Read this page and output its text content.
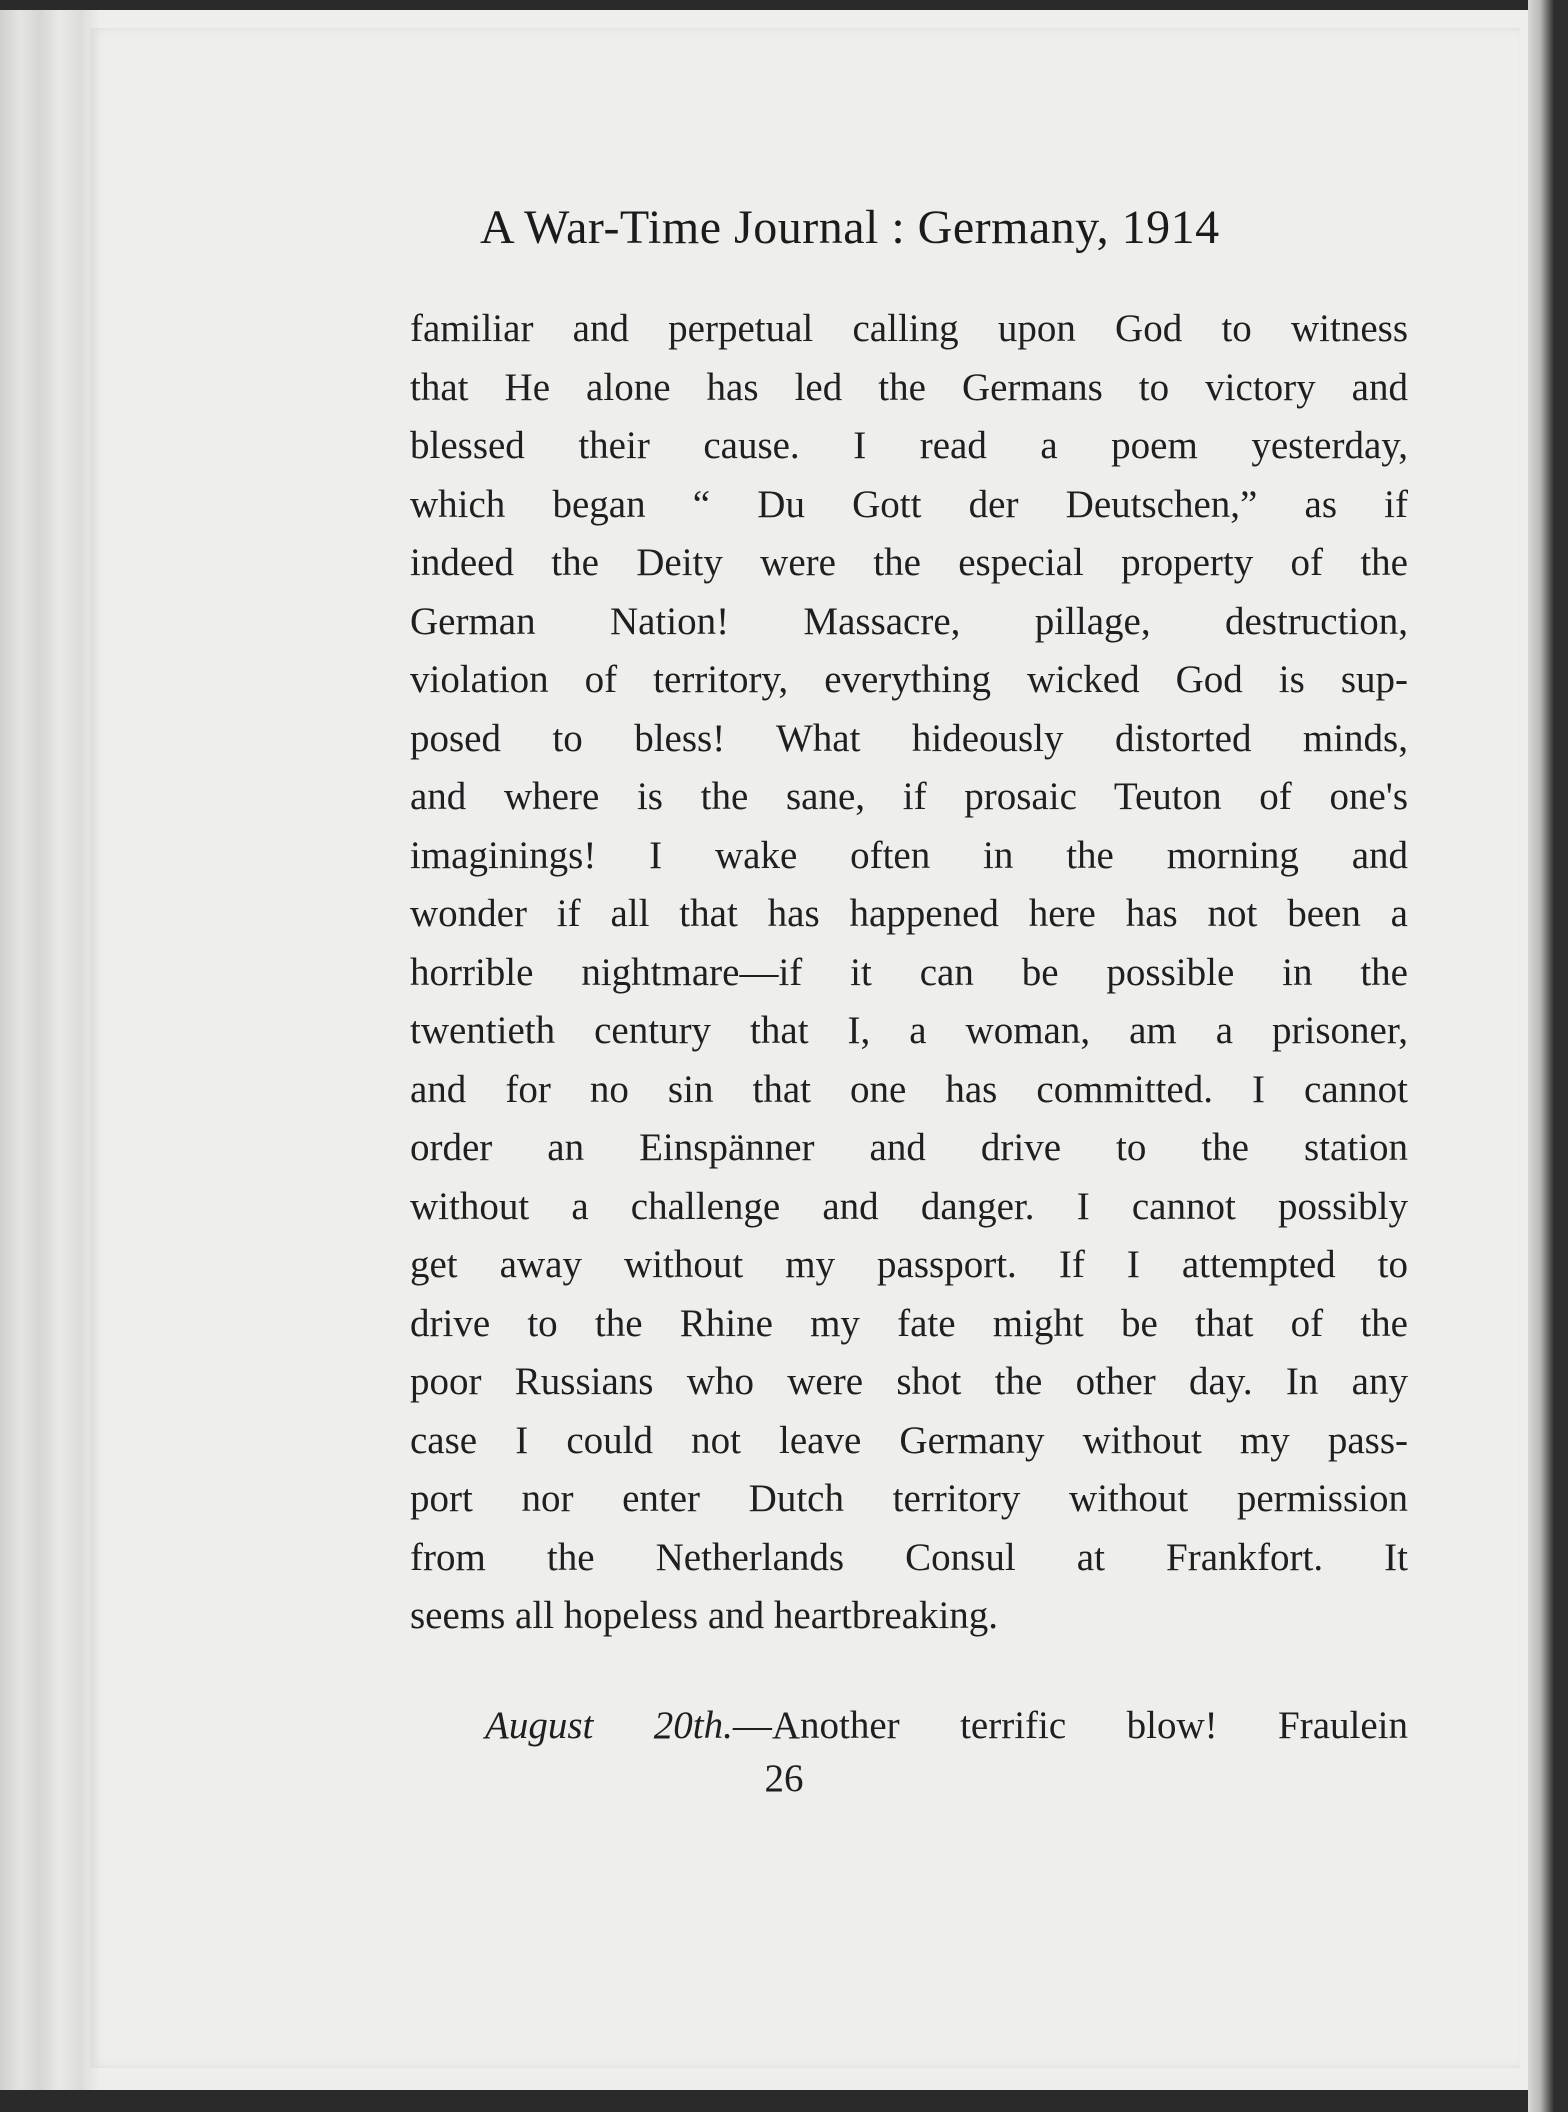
A War-Time Journal : Germany, 1914
familiar and perpetual calling upon God to witness
that He alone has led the Germans to victory and
blessed their cause. I read a poem yesterday,
which began “ Du Gott der Deutschen,” as if
indeed the Deity were the especial property of the
German Nation! Massacre, pillage, destruction,
violation of territory, everything wicked God is sup-
posed to bless! What hideously distorted minds,
and where is the sane, if prosaic Teuton of one's
imaginings! I wake often in the morning and
wonder if all that has happened here has not been a
horrible nightmare—if it can be possible in the
twentieth century that I, a woman, am a prisoner,
and for no sin that one has committed. I cannot
order an Einspänner and drive to the station
without a challenge and danger. I cannot possibly
get away without my passport. If I attempted to
drive to the Rhine my fate might be that of the
poor Russians who were shot the other day. In any
case I could not leave Germany without my pass-
port nor enter Dutch territory without permission
from the Netherlands Consul at Frankfort. It
seems all hopeless and heartbreaking.
August 20th.—Another terrific blow! Fraulein
26
